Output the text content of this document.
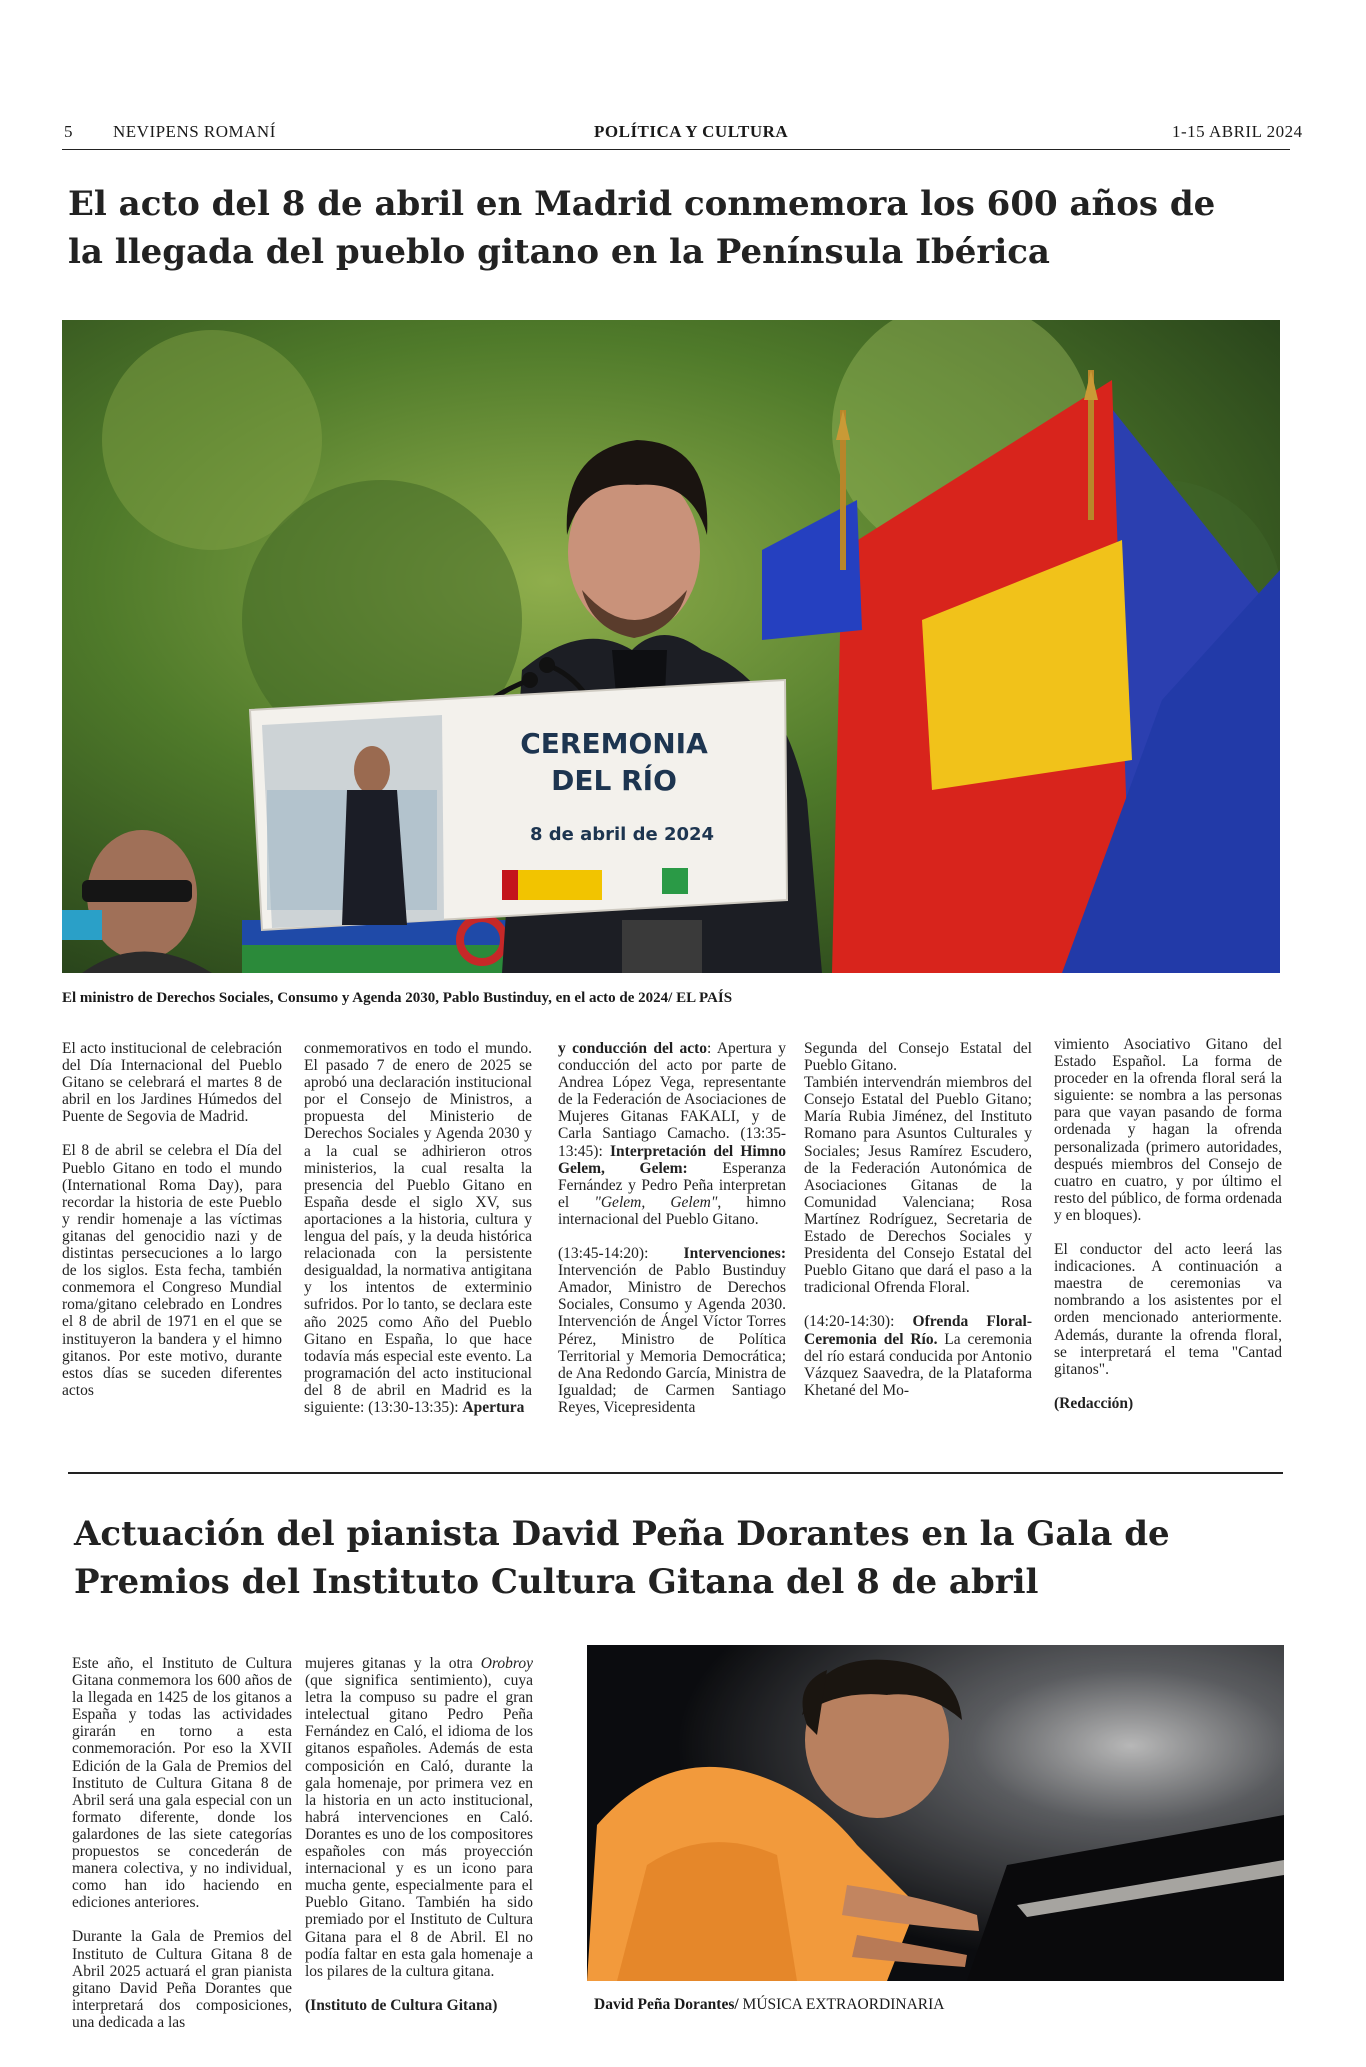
5 NEVIPENS ROMANÍ	POLÍTICA Y CULTURA	1-15 ABRIL 2024
El acto del 8 de abril en Madrid conmemora los 600 años de la llegada del pueblo gitano en la Península Ibérica
CEREMONIA
DEL RÍO
8 de abril de 2024
El ministro de Derechos Sociales, Consumo y Agenda 2030, Pablo Bustinduy, en el acto de 2024/ EL PAÍS

El acto institucional de celebración del Día Internacional del Pueblo Gitano se celebrará el martes 8 de abril en los Jardines Húmedos del Puente de Segovia de Madrid.

El 8 de abril se celebra el Día del Pueblo Gitano en todo el mundo (International Roma Day), para recordar la historia de este Pueblo y rendir homenaje a las víctimas gitanas del genocidio nazi y de distintas persecuciones a lo largo de los siglos. Esta fecha, también conmemora el Congreso Mundial roma/gitano celebrado en Londres el 8 de abril de 1971 en el que se instituyeron la bandera y el himno gitanos. Por este motivo, durante estos días se suceden diferentes actos

conmemorativos en todo el mundo. El pasado 7 de enero de 2025 se aprobó una declaración institucional por el Consejo de Ministros, a propuesta del Ministerio de Derechos Sociales y Agenda 2030 y a la cual se adhirieron otros ministerios, la cual resalta la presencia del Pueblo Gitano en España desde el siglo XV, sus aportaciones a la historia, cultura y lengua del país, y la deuda histórica relacionada con la persistente desigualdad, la normativa antigitana y los intentos de exterminio sufridos. Por lo tanto, se declara este año 2025 como Año del Pueblo Gitano en España, lo que hace todavía más especial este evento. La programación del acto institucional del 8 de abril en Madrid es la siguiente: (13:30-13:35): Apertura

y conducción del acto: Apertura y conducción del acto por parte de Andrea López Vega, representante de la Federación de Asociaciones de Mujeres Gitanas FAKALI, y de Carla Santiago Camacho. (13:35-13:45): Interpretación del Himno Gelem, Gelem: Esperanza Fernández y Pedro Peña interpretan el "Gelem, Gelem", himno internacional del Pueblo Gitano.

(13:45-14:20): Intervenciones: Intervención de Pablo Bustinduy Amador, Ministro de Derechos Sociales, Consumo y Agenda 2030. Intervención de Ángel Víctor Torres Pérez, Ministro de Política Territorial y Memoria Democrática; de Ana Redondo García, Ministra de Igualdad; de Carmen Santiago Reyes, Vicepresidenta

Segunda del Consejo Estatal del Pueblo Gitano.

También intervendrán miembros del Consejo Estatal del Pueblo Gitano; María Rubia Jiménez, del Instituto Romano para Asuntos Culturales y Sociales; Jesus Ramírez Escudero, de la Federación Autonómica de Asociaciones Gitanas de la Comunidad Valenciana; Rosa Martínez Rodríguez, Secretaria de Estado de Derechos Sociales y Presidenta del Consejo Estatal del Pueblo Gitano que dará el paso a la tradicional Ofrenda Floral.

(14:20-14:30): Ofrenda Floral-Ceremonia del Río. La ceremonia del río estará conducida por Antonio Vázquez Saavedra, de la Plataforma Khetané del Mo-

vimiento Asociativo Gitano del Estado Español. La forma de proceder en la ofrenda floral será la siguiente: se nombra a las personas para que vayan pasando de forma ordenada y hagan la ofrenda personalizada (primero autoridades, después miembros del Consejo de cuatro en cuatro, y por último el resto del público, de forma ordenada y en bloques).

El conductor del acto leerá las indicaciones. A continuación a maestra de ceremonias va nombrando a los asistentes por el orden mencionado anteriormente. Además, durante la ofrenda floral, se interpretará el tema "Cantad gitanos".

(Redacción)

Actuación del pianista David Peña Dorantes en la Gala de Premios del Instituto Cultura Gitana del 8 de abril

Este año, el Instituto de Cultura Gitana conmemora los 600 años de la llegada en 1425 de los gitanos a España y todas las actividades girarán en torno a esta conmemoración. Por eso la XVII Edición de la Gala de Premios del Instituto de Cultura Gitana 8 de Abril será una gala especial con un formato diferente, donde los galardones de las siete categorías propuestos se concederán de manera colectiva, y no individual, como han ido haciendo en ediciones anteriores.

Durante la Gala de Premios del Instituto de Cultura Gitana 8 de Abril 2025 actuará el gran pianista gitano David Peña Dorantes que interpretará dos composiciones, una dedicada a las

mujeres gitanas y la otra Orobroy (que significa sentimiento), cuya letra la compuso su padre el gran intelectual gitano Pedro Peña Fernández en Caló, el idioma de los gitanos españoles. Además de esta composición en Caló, durante la gala homenaje, por primera vez en la historia en un acto institucional, habrá intervenciones en Caló. Dorantes es uno de los compositores españoles con más proyección internacional y es un icono para mucha gente, especialmente para el Pueblo Gitano. También ha sido premiado por el Instituto de Cultura Gitana para el 8 de Abril. El no podía faltar en esta gala homenaje a los pilares de la cultura gitana.

(Instituto de Cultura Gitana)	David Peña Dorantes/ MÚSICA EXTRAORDINARIA
